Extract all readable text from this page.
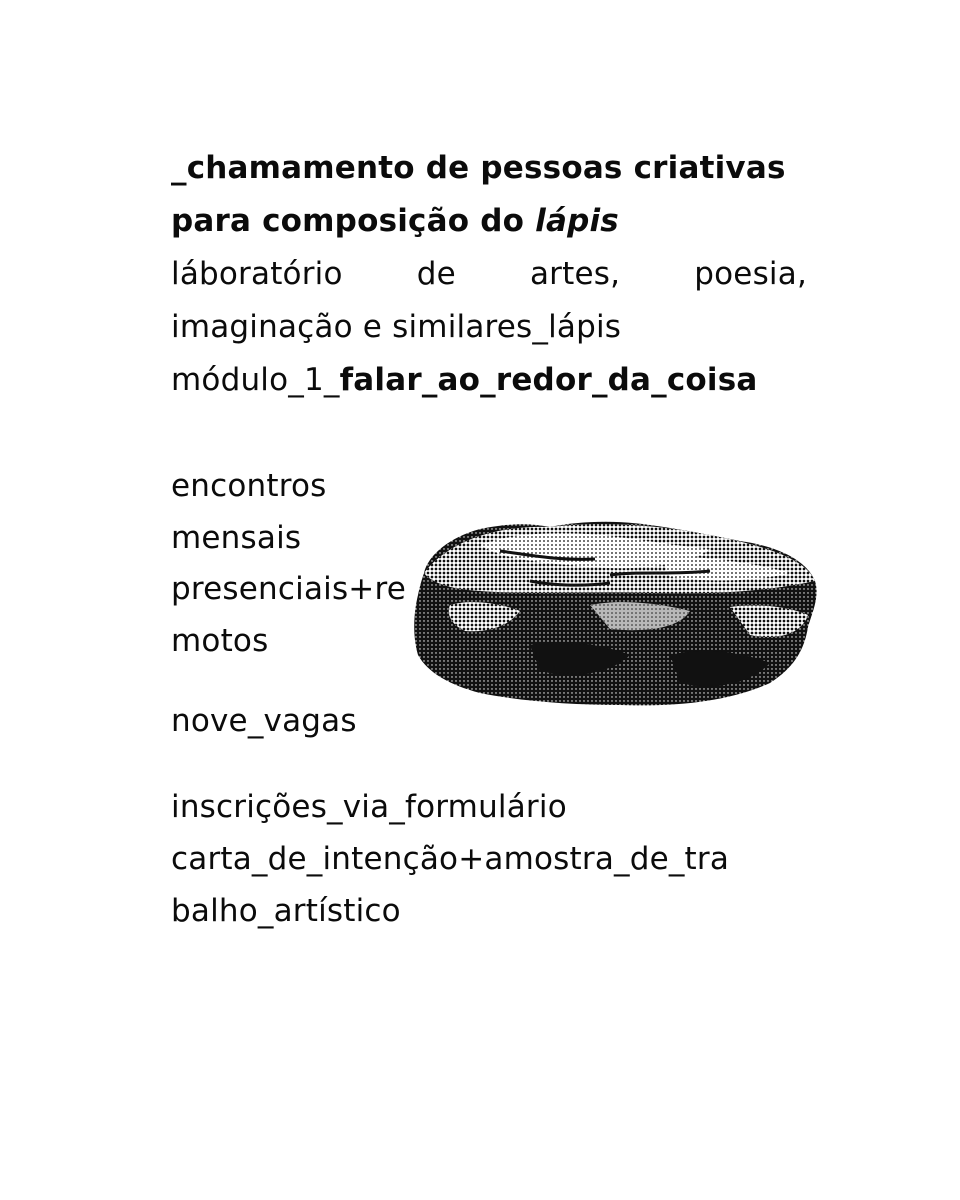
_chamamento de pessoas criativas
para composição do lápis
láboratório de artes, poesia,
imaginação e similares_lápis
módulo_1_falar_ao_redor_da_coisa
encontros
mensais
presenciais+re
motos
nove_vagas
inscrições_via_formulário
carta_de_intenção+amostra_de_tra
balho_artístico
